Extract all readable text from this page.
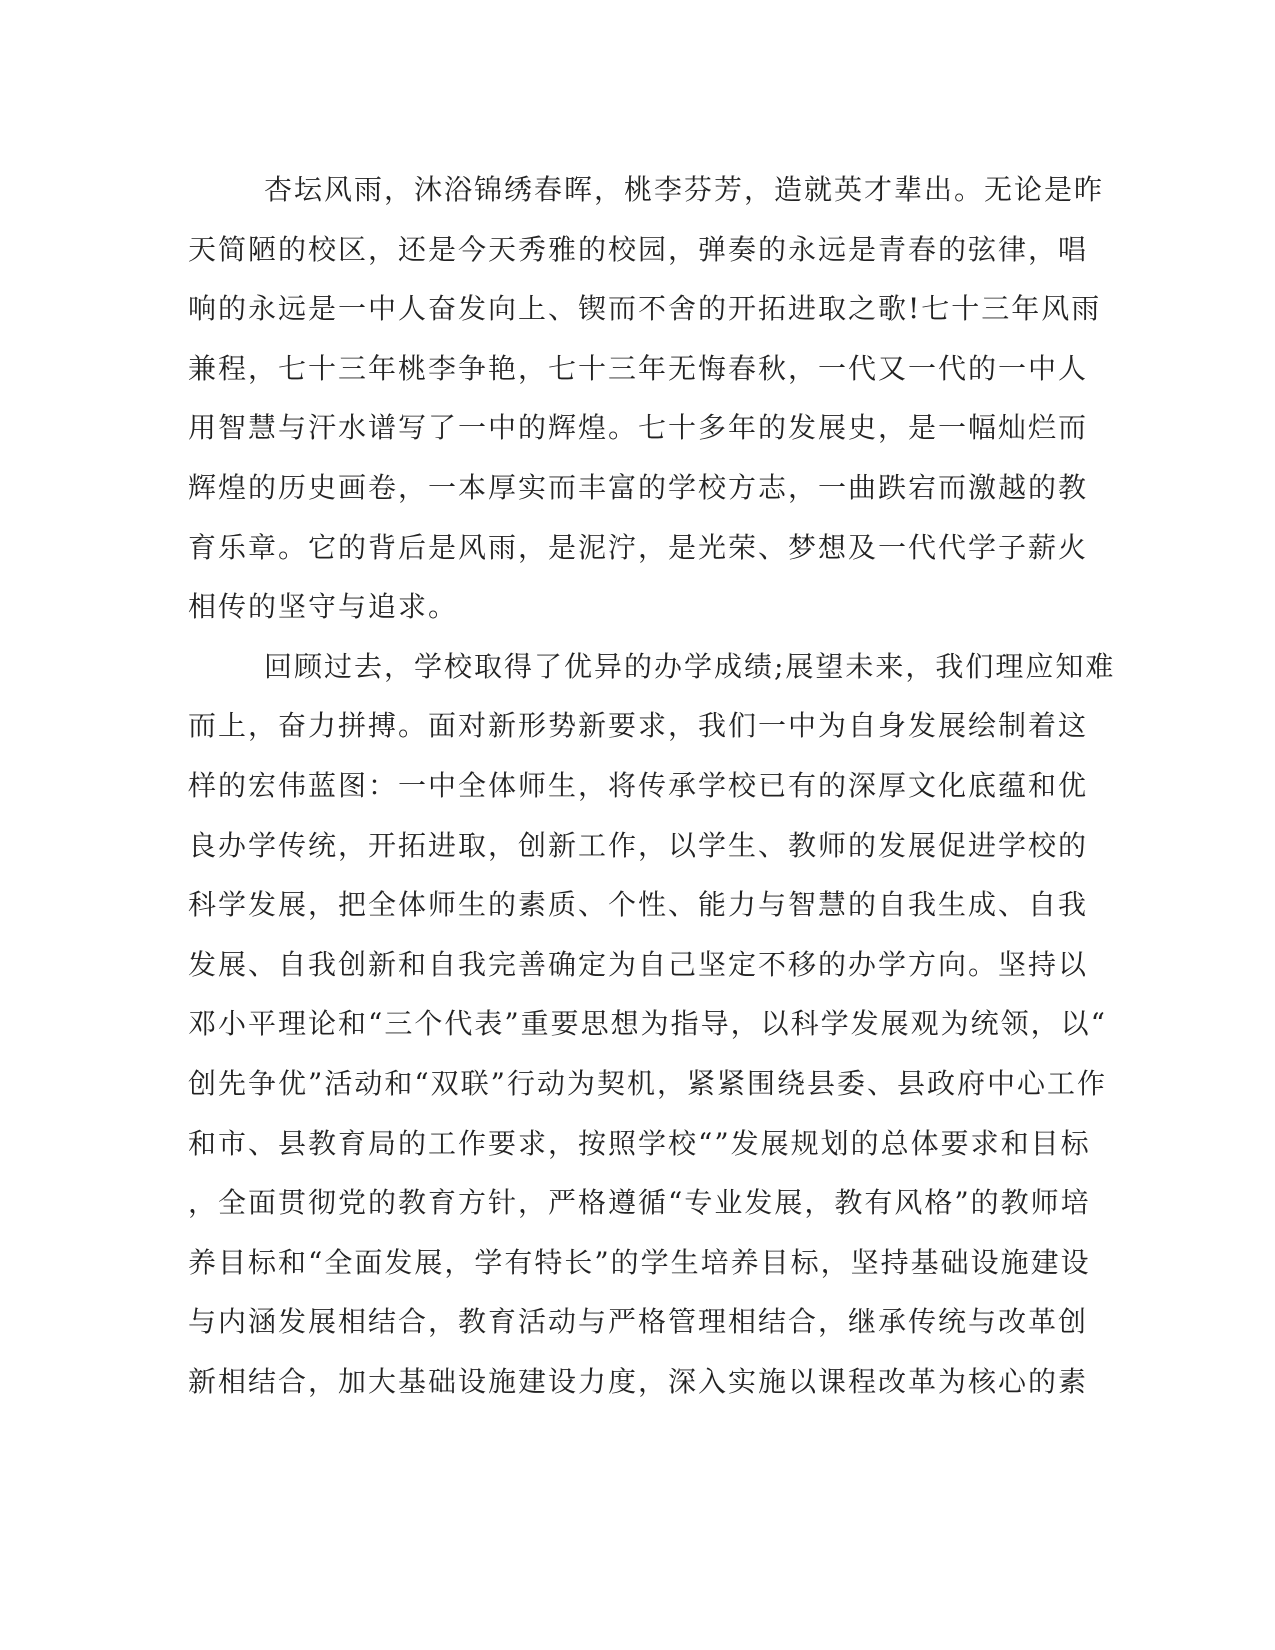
杏坛风雨，沐浴锦绣春晖，桃李芬芳，造就英才辈出。无论是昨
天简陋的校区，还是今天秀雅的校园，弹奏的永远是青春的弦律，唱
响的永远是一中人奋发向上、锲而不舍的开拓进取之歌!七十三年风雨
兼程，七十三年桃李争艳，七十三年无悔春秋，一代又一代的一中人
用智慧与汗水谱写了一中的辉煌。七十多年的发展史，是一幅灿烂而
辉煌的历史画卷，一本厚实而丰富的学校方志，一曲跌宕而激越的教
育乐章。它的背后是风雨，是泥泞，是光荣、梦想及一代代学子薪火
相传的坚守与追求。
回顾过去，学校取得了优异的办学成绩;展望未来，我们理应知难
而上，奋力拼搏。面对新形势新要求，我们一中为自身发展绘制着这
样的宏伟蓝图：一中全体师生，将传承学校已有的深厚文化底蕴和优
良办学传统，开拓进取，创新工作，以学生、教师的发展促进学校的
科学发展，把全体师生的素质、个性、能力与智慧的自我生成、自我
发展、自我创新和自我完善确定为自己坚定不移的办学方向。坚持以
邓小平理论和“三个代表”重要思想为指导，以科学发展观为统领，以“
创先争优”活动和“双联”行动为契机，紧紧围绕县委、县政府中心工作
和市、县教育局的工作要求，按照学校“”发展规划的总体要求和目标
，全面贯彻党的教育方针，严格遵循“专业发展，教有风格”的教师培
养目标和“全面发展，学有特长”的学生培养目标，坚持基础设施建设
与内涵发展相结合，教育活动与严格管理相结合，继承传统与改革创
新相结合，加大基础设施建设力度，深入实施以课程改革为核心的素
